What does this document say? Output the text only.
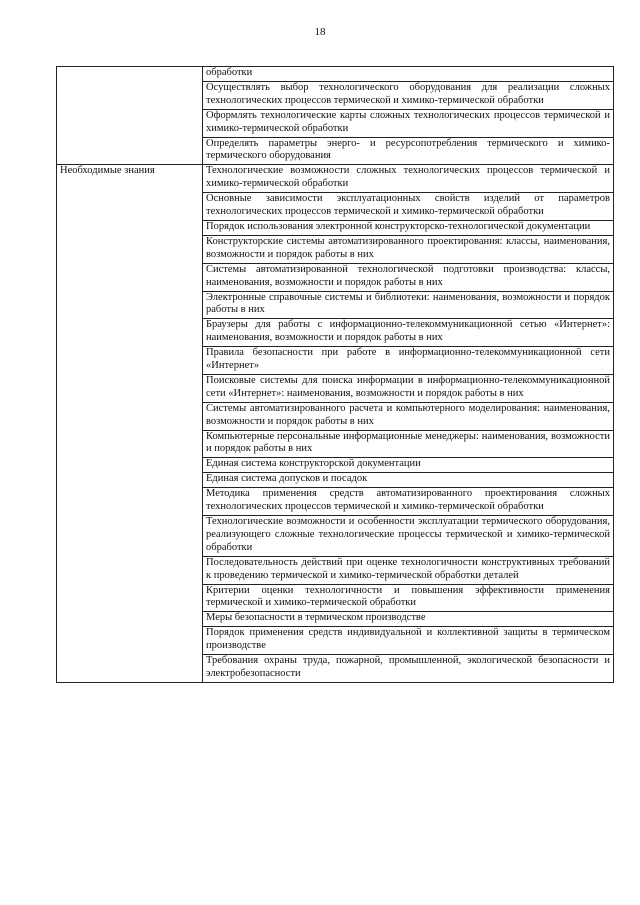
18
	обработки
	Осуществлять выбор технологического оборудования для реализации сложных технологических процессов термической и химико-термической обработки
	Оформлять технологические карты сложных технологических процессов термической и химико-термической обработки
	Определять параметры энерго- и ресурсопотребления термического и химико-термического оборудования
Необходимые знания	Технологические возможности сложных технологических процессов термической и химико-термической обработки
	Основные зависимости эксплуатационных свойств изделий от параметров технологических процессов термической и химико-термической обработки
	Порядок использования электронной конструкторско-технологической документации
	Конструкторские системы автоматизированного проектирования: классы, наименования, возможности и порядок работы в них
	Системы автоматизированной технологической подготовки производства: классы, наименования, возможности и порядок работы в них
	Электронные справочные системы и библиотеки: наименования, возможности и порядок работы в них
	Браузеры для работы с информационно-телекоммуникационной сетью «Интернет»: наименования, возможности и порядок работы в них
	Правила безопасности при работе в информационно-телекоммуникационной сети «Интернет»
	Поисковые системы для поиска информации в информационно-телекоммуникационной сети «Интернет»: наименования, возможности и порядок работы в них
	Системы автоматизированного расчета и компьютерного моделирования: наименования, возможности и порядок работы в них
	Компьютерные персональные информационные менеджеры: наименования, возможности и порядок работы в них
	Единая система конструкторской документации
	Единая система допусков и посадок
	Методика применения средств автоматизированного проектирования сложных технологических процессов термической и химико-термической обработки
	Технологические возможности и особенности эксплуатации термического оборудования, реализующего сложные технологические процессы термической и химико-термической обработки
	Последовательность действий при оценке технологичности конструктивных требований к проведению термической и химико-термической обработки деталей
	Критерии оценки технологичности и повышения эффективности применения термической и химико-термической обработки
	Меры безопасности в термическом производстве
	Порядок применения средств индивидуальной и коллективной защиты в термическом производстве
	Требования охраны труда, пожарной, промышленной, экологической безопасности и электробезопасности
